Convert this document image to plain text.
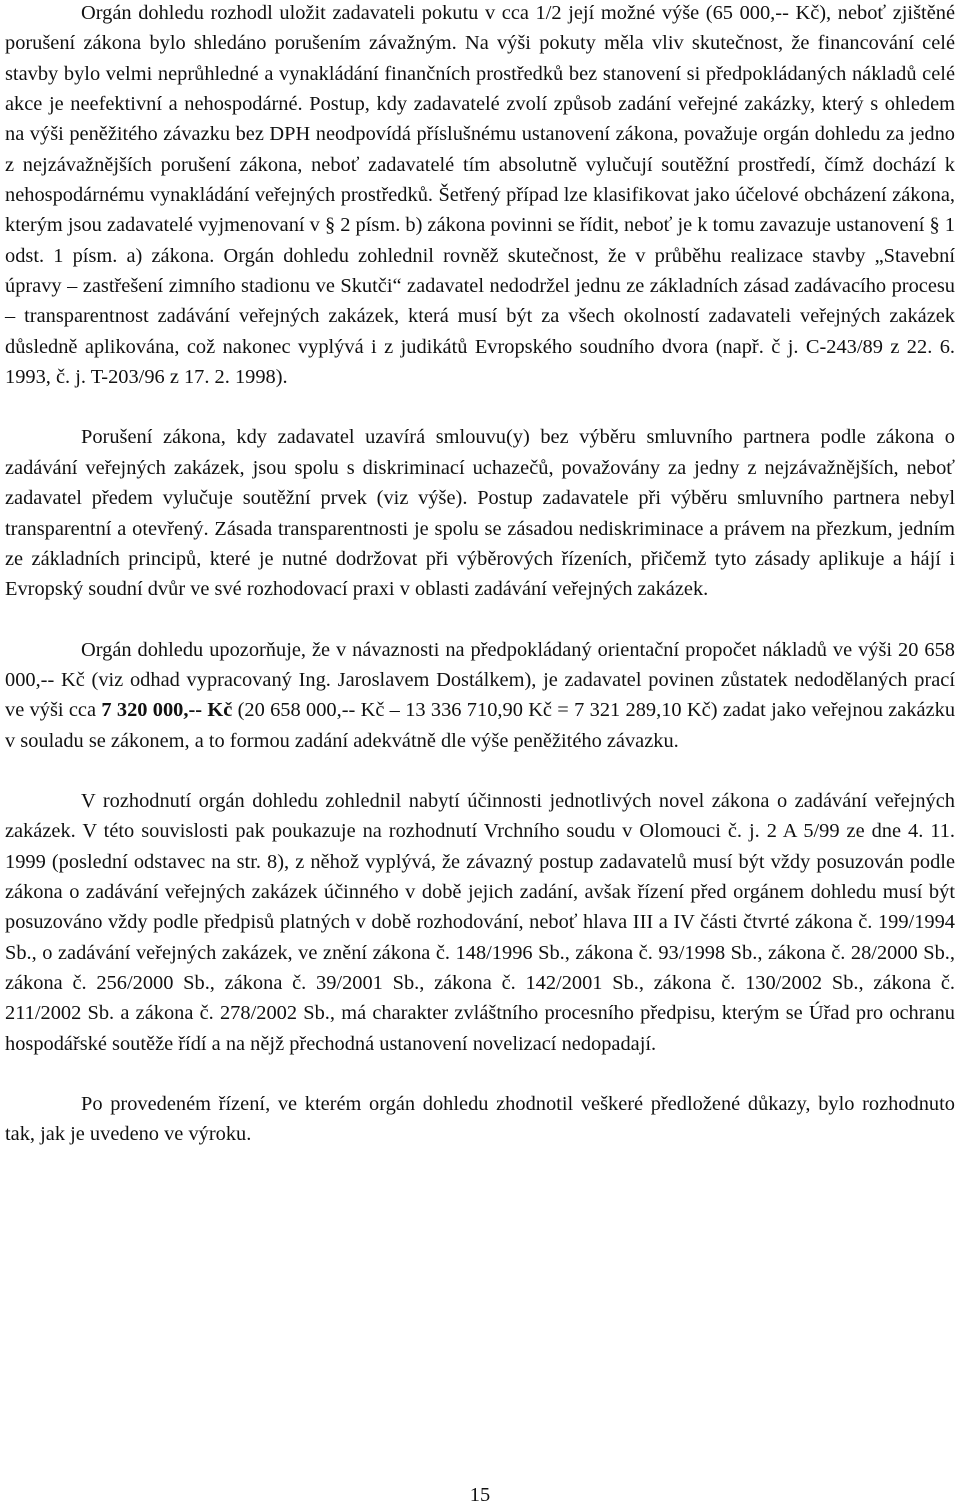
Orgán dohledu rozhodl uložit zadavateli pokutu v cca 1/2 její možné výše (65 000,-- Kč), neboť zjištěné porušení zákona bylo shledáno porušením závažným. Na výši pokuty měla vliv skutečnost, že financování celé stavby bylo velmi neprůhledné a vynakládání finančních prostředků bez stanovení si předpokládaných nákladů celé akce je neefektivní a nehospodárné. Postup, kdy zadavatelé zvolí způsob zadání veřejné zakázky, který s ohledem na výši peněžitého závazku bez DPH neodpovídá příslušnému ustanovení zákona, považuje orgán dohledu za jedno z nejzávažnějších porušení zákona, neboť zadavatelé tím absolutně vylučují soutěžní prostředí, čímž dochází k nehospodárnému vynakládání veřejných prostředků. Šetřený případ lze klasifikovat jako účelové obcházení zákona, kterým jsou zadavatelé vyjmenovaní v § 2 písm. b) zákona povinni se řídit, neboť je k tomu zavazuje ustanovení § 1 odst. 1 písm. a) zákona. Orgán dohledu zohlednil rovněž skutečnost, že v průběhu realizace stavby „Stavební úpravy – zastřešení zimního stadionu ve Skutči“ zadavatel nedodržel jednu ze základních zásad zadávacího procesu – transparentnost zadávání veřejných zakázek, která musí být za všech okolností zadavateli veřejných zakázek důsledně aplikována, což nakonec vyplývá i z judikátů Evropského soudního dvora (např. č j. C-243/89 z 22. 6. 1993, č. j. T-203/96 z 17. 2. 1998).

Porušení zákona, kdy zadavatel uzavírá smlouvu(y) bez výběru smluvního partnera podle zákona o zadávání veřejných zakázek, jsou spolu s diskriminací uchazečů, považovány za jedny z nejzávažnějších, neboť zadavatel předem vylučuje soutěžní prvek (viz výše). Postup zadavatele při výběru smluvního partnera nebyl transparentní a otevřený. Zásada transparentnosti je spolu se zásadou nediskriminace a právem na přezkum, jedním ze základních principů, které je nutné dodržovat při výběrových řízeních, přičemž tyto zásady aplikuje a hájí i Evropský soudní dvůr ve své rozhodovací praxi v oblasti zadávání veřejných zakázek.

Orgán dohledu upozorňuje, že v návaznosti na předpokládaný orientační propočet nákladů ve výši 20 658 000,-- Kč (viz odhad vypracovaný Ing. Jaroslavem Dostálkem), je zadavatel povinen zůstatek nedodělaných prací ve výši cca 7 320 000,-- Kč (20 658 000,-- Kč – 13 336 710,90 Kč = 7 321 289,10 Kč) zadat jako veřejnou zakázku v souladu se zákonem, a to formou zadání adekvátně dle výše peněžitého závazku.

V rozhodnutí orgán dohledu zohlednil nabytí účinnosti jednotlivých novel zákona o zadávání veřejných zakázek. V této souvislosti pak poukazuje na rozhodnutí Vrchního soudu v Olomouci č. j. 2 A 5/99 ze dne 4. 11. 1999 (poslední odstavec na str. 8), z něhož vyplývá, že závazný postup zadavatelů musí být vždy posuzován podle zákona o zadávání veřejných zakázek účinného v době jejich zadání, avšak řízení před orgánem dohledu musí být posuzováno vždy podle předpisů platných v době rozhodování, neboť hlava III a IV části čtvrté zákona č. 199/1994 Sb., o zadávání veřejných zakázek, ve znění zákona č. 148/1996 Sb., zákona č. 93/1998 Sb., zákona č. 28/2000 Sb., zákona č. 256/2000 Sb., zákona č. 39/2001 Sb., zákona č. 142/2001 Sb., zákona č. 130/2002 Sb., zákona č. 211/2002 Sb. a zákona č. 278/2002 Sb., má charakter zvláštního procesního předpisu, kterým se Úřad pro ochranu hospodářské soutěže řídí a na nějž přechodná ustanovení novelizací nedopadají.

Po provedeném řízení, ve kterém orgán dohledu zhodnotil veškeré předložené důkazy, bylo rozhodnuto tak, jak je uvedeno ve výroku.

15
